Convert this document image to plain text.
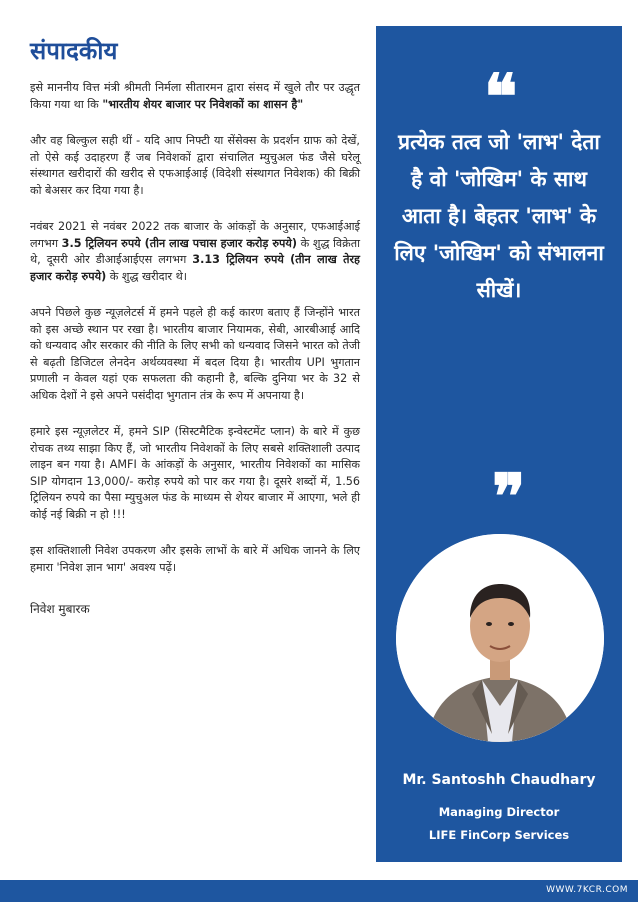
संपादकीय

इसे माननीय वित्त मंत्री श्रीमती निर्मला सीतारमन द्वारा संसद में खुले तौर पर उद्धृत किया गया था कि "भारतीय शेयर बाजार पर निवेशकों का शासन है"

और वह बिल्कुल सही थीं - यदि आप निफ्टी या सेंसेक्स के प्रदर्शन ग्राफ को देखें, तो ऐसे कई उदाहरण हैं जब निवेशकों द्वारा संचालित म्युचुअल फंड जैसे घरेलू संस्थागत खरीदारों की खरीद से एफआईआई (विदेशी संस्थागत निवेशक) की बिक्री को बेअसर कर दिया गया है।

नवंबर 2021 से नवंबर 2022 तक बाजार के आंकड़ों के अनुसार, एफआईआई लगभग 3.5 ट्रिलियन रुपये (तीन लाख पचास हजार करोड़ रुपये) के शुद्ध विक्रेता थे, दूसरी ओर डीआईआईएस लगभग 3.13 ट्रिलियन रुपये (तीन लाख तेरह हजार करोड़ रुपये) के शुद्ध खरीदार थे।

अपने पिछले कुछ न्यूज़लेटर्स में हमने पहले ही कई कारण बताए हैं जिन्होंने भारत को इस अच्छे स्थान पर रखा है। भारतीय बाजार नियामक, सेबी, आरबीआई आदि को धन्यवाद और सरकार की नीति के लिए सभी को धन्यवाद जिसने भारत को तेजी से बढ़ती डिजिटल लेनदेन अर्थव्यवस्था में बदल दिया है। भारतीय UPI भुगतान प्रणाली न केवल यहां एक सफलता की कहानी है, बल्कि दुनिया भर के 32 से अधिक देशों ने इसे अपने पसंदीदा भुगतान तंत्र के रूप में अपनाया है।

हमारे इस न्यूज़लेटर में, हमने SIP (सिस्टमैटिक इन्वेस्टमेंट प्लान) के बारे में कुछ रोचक तथ्य साझा किए हैं, जो भारतीय निवेशकों के लिए सबसे शक्तिशाली उत्पाद लाइन बन गया है। AMFI के आंकड़ों के अनुसार, भारतीय निवेशकों का मासिक SIP योगदान 13,000/- करोड़ रुपये को पार कर गया है। दूसरे शब्दों में, 1.56 ट्रिलियन रुपये का पैसा म्युचुअल फंड के माध्यम से शेयर बाजार में आएगा, भले ही कोई नई बिक्री न हो !!!

इस शक्तिशाली निवेश उपकरण और इसके लाभों के बारे में अधिक जानने के लिए हमारा 'निवेश ज्ञान भाग' अवश्य पढ़ें।

निवेश मुबारक
❝
प्रत्येक तत्व जो 'लाभ' देता है वो 'जोखिम' के साथ आता है। बेहतर 'लाभ' के लिए 'जोखिम' को संभालना सीखें।
❞
Mr. Santoshh Chaudhary
Managing Director
LIFE FinCorp Services
WWW.7KCR.COM
